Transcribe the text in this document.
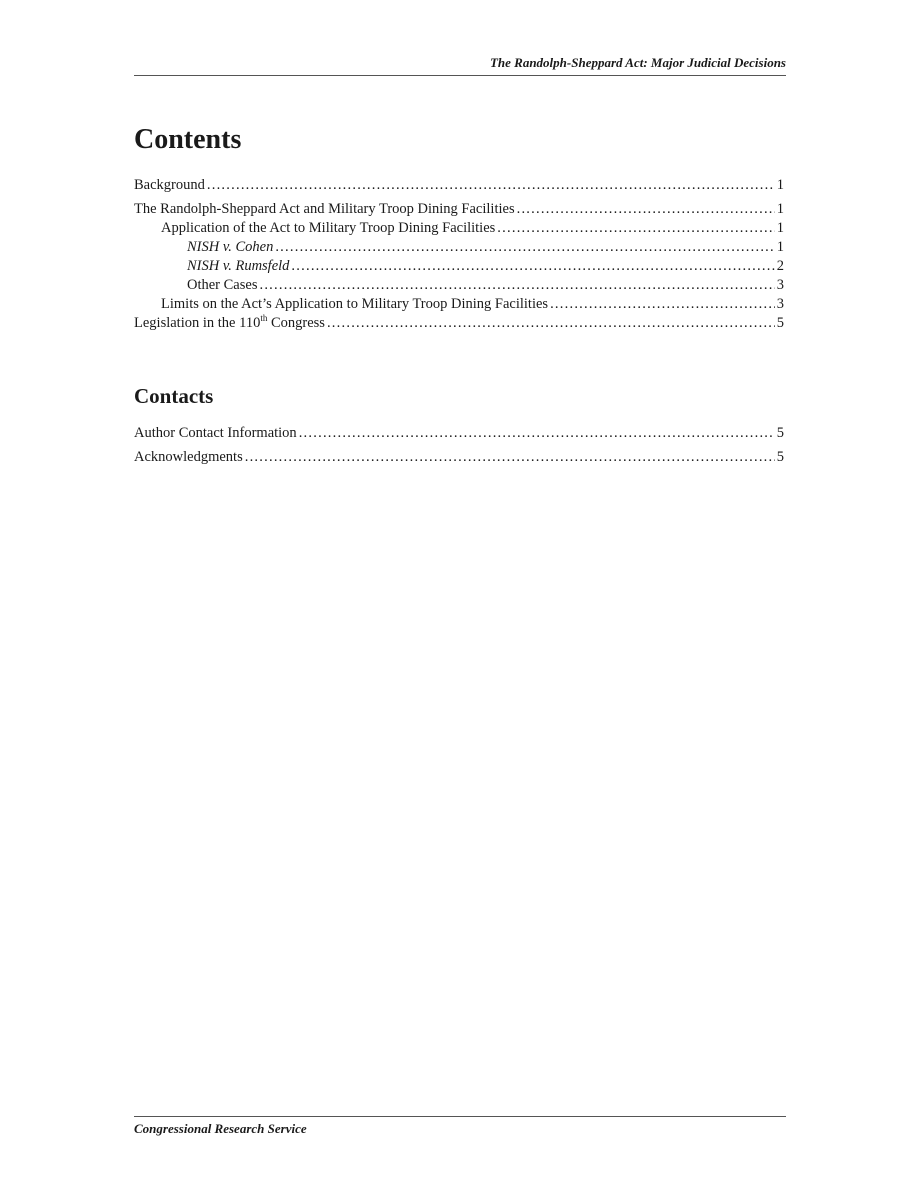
The Randolph-Sheppard Act: Major Judicial Decisions
Contents
Background . . .	1
The Randolph-Sheppard Act and Military Troop Dining Facilities . . .	1
Application of the Act to Military Troop Dining Facilities . . .	1
NISH v. Cohen . . .	1
NISH v. Rumsfeld . . .	2
Other Cases . . .	3
Limits on the Act’s Application to Military Troop Dining Facilities . . .	3
Legislation in the 110th Congress . . .	5
Contacts
Author Contact Information . . .	5
Acknowledgments . . .	5
Congressional Research Service
